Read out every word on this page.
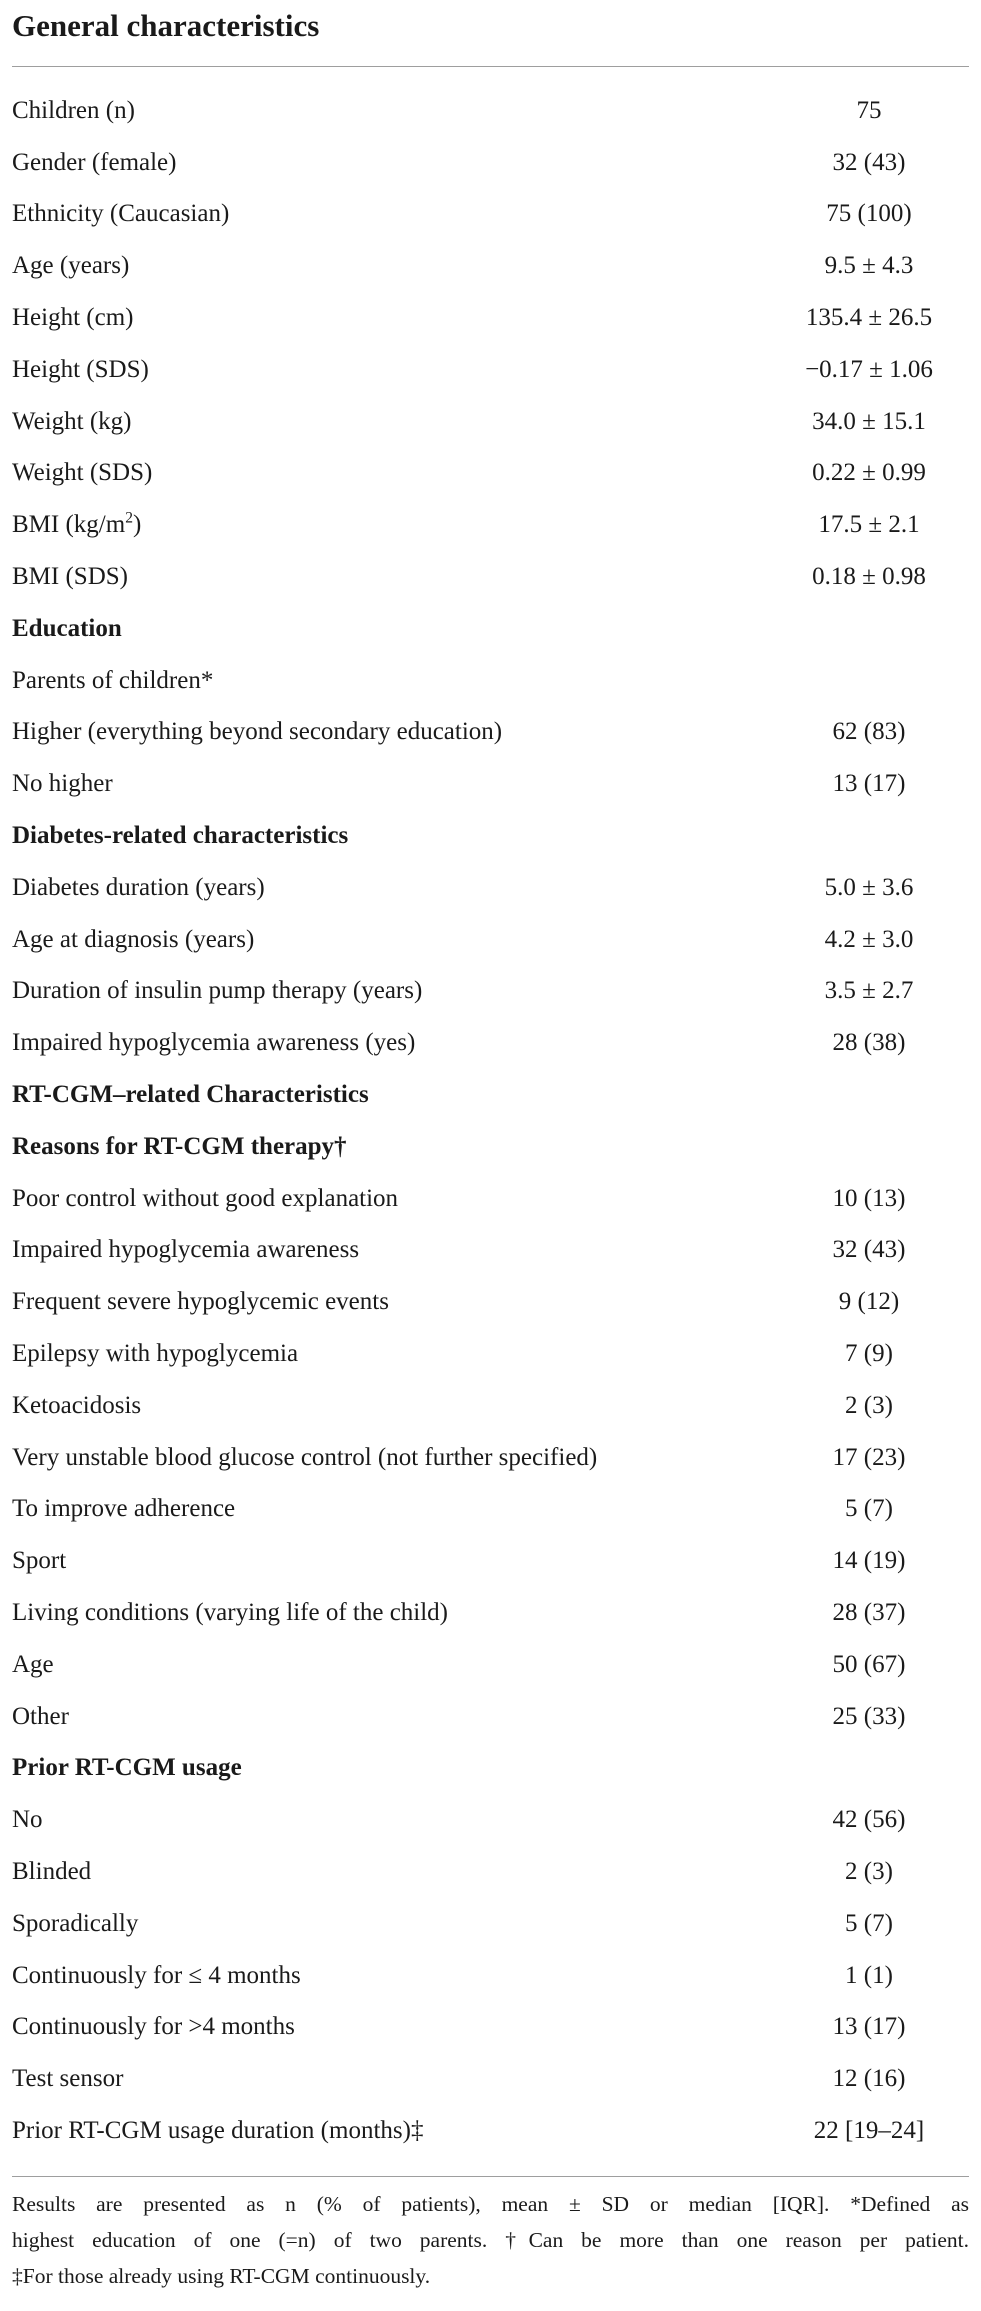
General characteristics
Children (n)	75
Gender (female)	32 (43)
Ethnicity (Caucasian)	75 (100)
Age (years)	9.5 ± 4.3
Height (cm)	135.4 ± 26.5
Height (SDS)	−0.17 ± 1.06
Weight (kg)	34.0 ± 15.1
Weight (SDS)	0.22 ± 0.99
BMI $(kg/m^2)$	17.5 ± 2.1
BMI (SDS)	0.18 ± 0.98
Education
Parents of children*
Higher (everything beyond secondary education)	62 (83)
No higher	13 (17)
Diabetes-related characteristics
Diabetes duration (years)	5.0 ± 3.6
Age at diagnosis (years)	4.2 ± 3.0
Duration of insulin pump therapy (years)	3.5 ± 2.7
Impaired hypoglycemia awareness (yes)	28 (38)
RT-CGM–related Characteristics
Reasons for RT-CGM therapy†
Poor control without good explanation	10 (13)
Impaired hypoglycemia awareness	32 (43)
Frequent severe hypoglycemic events	9 (12)
Epilepsy with hypoglycemia	7 (9)
Ketoacidosis	2 (3)
Very unstable blood glucose control (not further specified)	17 (23)
To improve adherence	5 (7)
Sport	14 (19)
Living conditions (varying life of the child)	28 (37)
Age	50 (67)
Other	25 (33)
Prior RT-CGM usage
No	42 (56)
Blinded	2 (3)
Sporadically	5 (7)
Continuously for ≤ 4 months	1 (1)
Continuously for >4 months	13 (17)
Test sensor	12 (16)
Prior RT-CGM usage duration (months)‡	22 [19–24]
Results are presented as n (% of patients), mean ± SD or median [IQR]. *Defined as
highest education of one (=n) of two parents. †Can be more than one reason per patient.
‡For those already using RT-CGM continuously.
